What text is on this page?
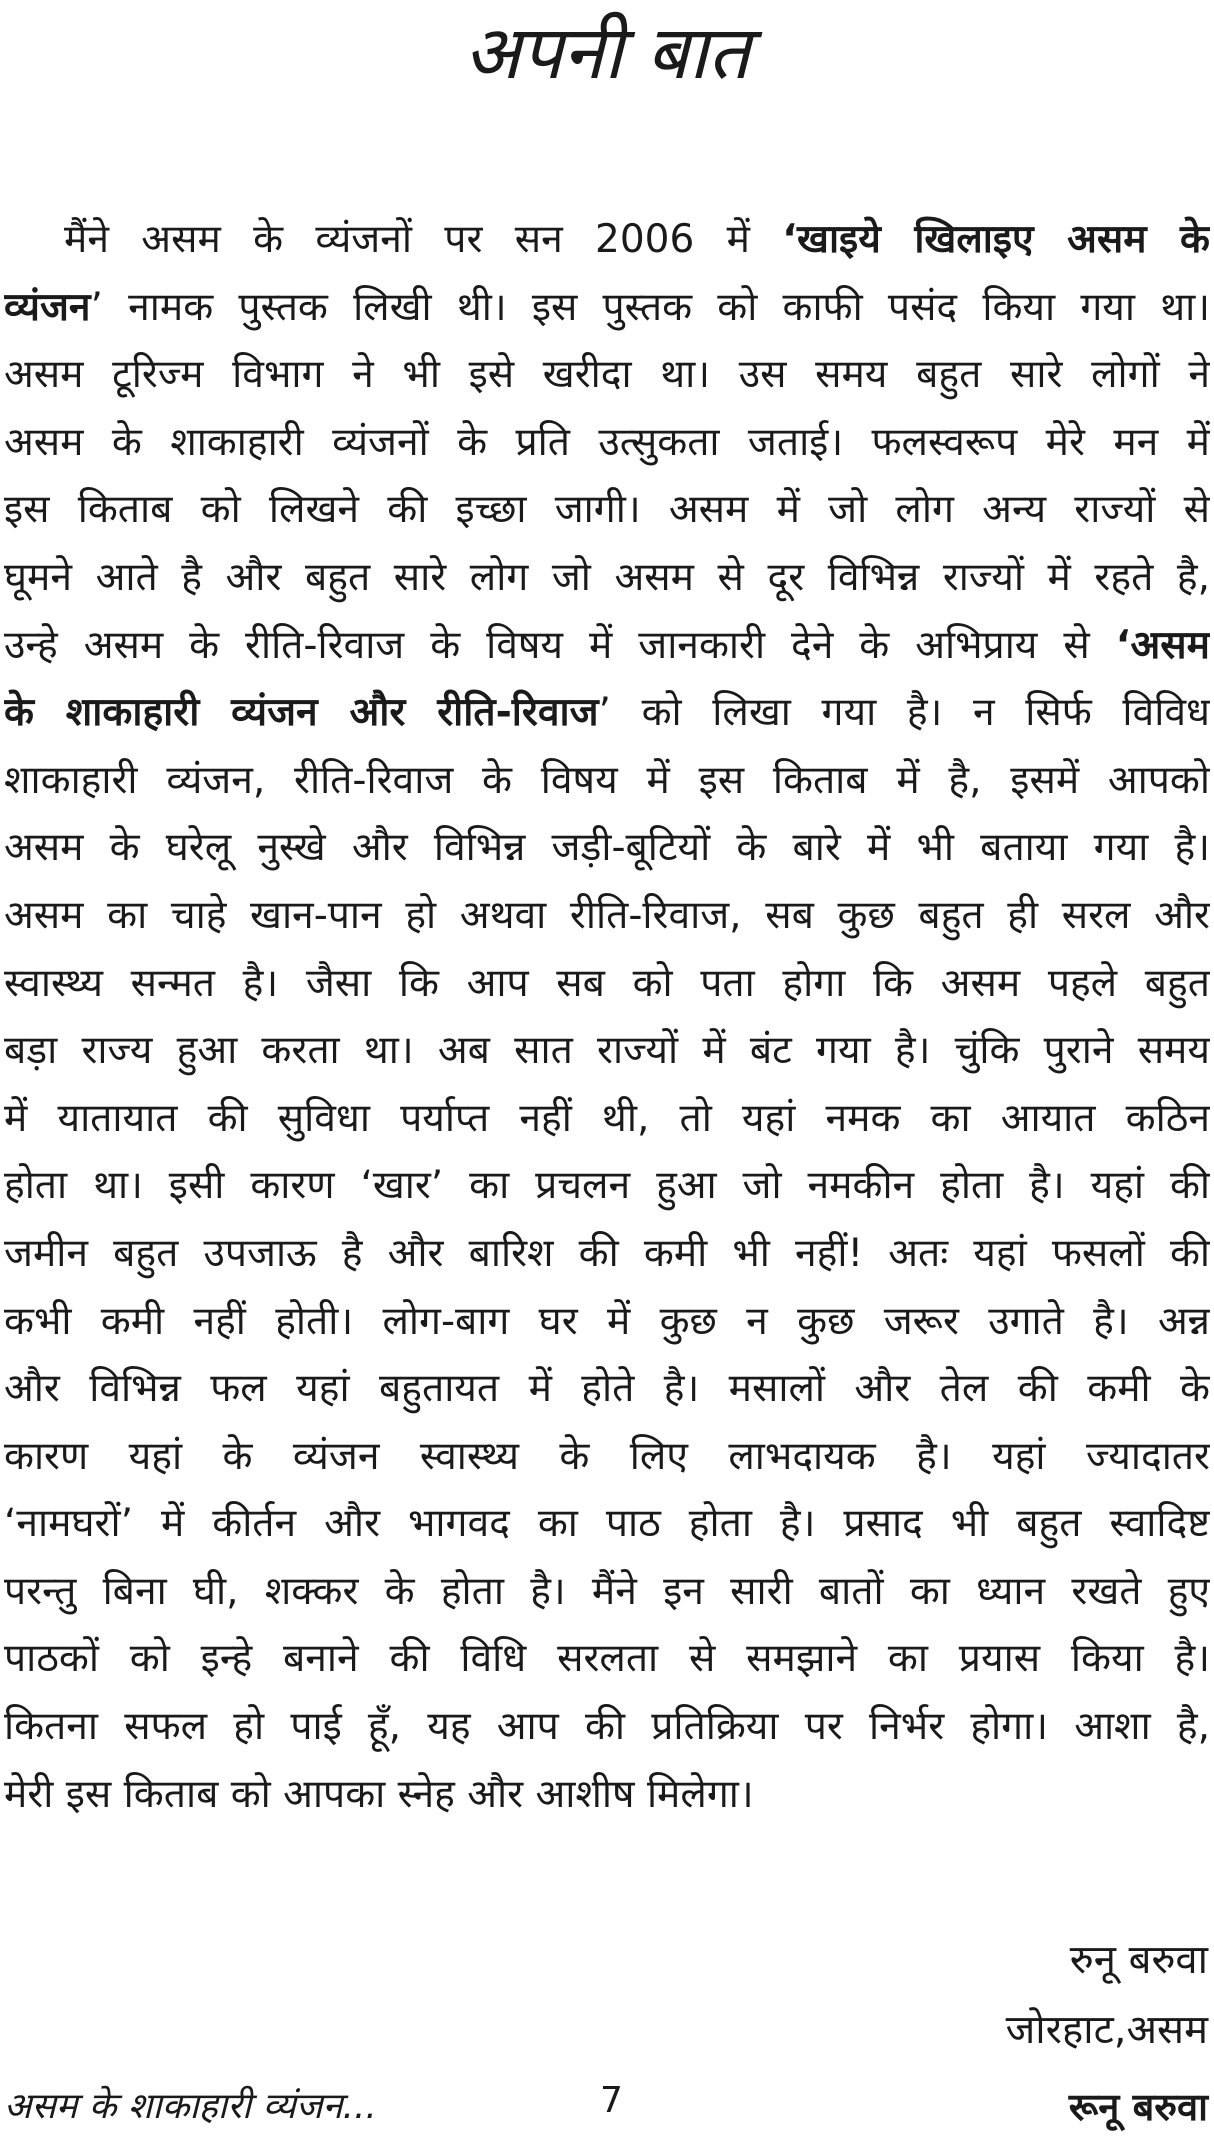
अपनी बात
मैंने असम के व्यंजनों पर सन 2006 में ‘खाइये खिलाइए असम के
व्यंजन’ नामक पुस्तक लिखी थी। इस पुस्तक को काफी पसंद किया गया था।
असम टूरिज्म विभाग ने भी इसे खरीदा था। उस समय बहुत सारे लोगों ने
असम के शाकाहारी व्यंजनों के प्रति उत्सुकता जताई। फलस्वरूप मेरे मन में
इस किताब को लिखने की इच्छा जागी। असम में जो लोग अन्य राज्यों से
घूमने आते है और बहुत सारे लोग जो असम से दूर विभिन्न राज्यों में रहते है,
उन्हे असम के रीति-रिवाज के विषय में जानकारी देने के अभिप्राय से ‘असम
के शाकाहारी व्यंजन और रीति-रिवाज’ को लिखा गया है। न सिर्फ विविध
शाकाहारी व्यंजन, रीति-रिवाज के विषय में इस किताब में है, इसमें आपको
असम के घरेलू नुस्खे और विभिन्न जड़ी-बूटियों के बारे में भी बताया गया है।
असम का चाहे खान-पान हो अथवा रीति-रिवाज, सब कुछ बहुत ही सरल और
स्वास्थ्य सन्मत है। जैसा कि आप सब को पता होगा कि असम पहले बहुत
बड़ा राज्य हुआ करता था। अब सात राज्यों में बंट गया है। चुंकि पुराने समय
में यातायात की सुविधा पर्याप्त नहीं थी, तो यहां नमक का आयात कठिन
होता था। इसी कारण ‘खार’ का प्रचलन हुआ जो नमकीन होता है। यहां की
जमीन बहुत उपजाऊ है और बारिश की कमी भी नहीं! अतः यहां फसलों की
कभी कमी नहीं होती। लोग-बाग घर में कुछ न कुछ जरूर उगाते है। अन्न
और विभिन्न फल यहां बहुतायत में होते है। मसालों और तेल की कमी के
कारण यहां के व्यंजन स्वास्थ्य के लिए लाभदायक है। यहां ज्यादातर
‘नामघरों’ में कीर्तन और भागवद का पाठ होता है। प्रसाद भी बहुत स्वादिष्ट
परन्तु बिना घी, शक्कर के होता है। मैंने इन सारी बातों का ध्यान रखते हुए
पाठकों को इन्हे बनाने की विधि सरलता से समझाने का प्रयास किया है।
कितना सफल हो पाई हूँ, यह आप की प्रतिक्रिया पर निर्भर होगा। आशा है,
मेरी इस किताब को आपका स्नेह और आशीष मिलेगा।
रुनू बरुवा
जोरहाट,असम
असम के शाकाहारी व्यंजन...	7	रूनू बरुवा
